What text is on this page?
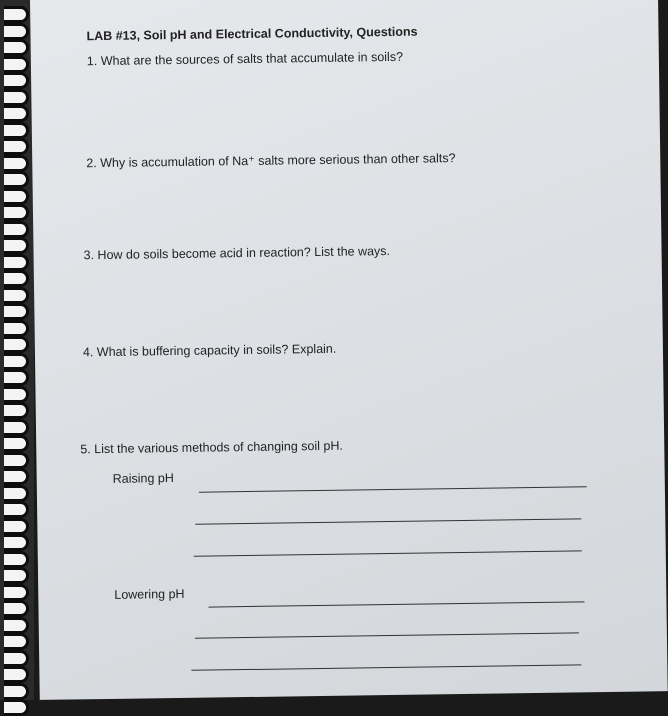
LAB #13, Soil pH and Electrical Conductivity, Questions
1. What are the sources of salts that accumulate in soils?
2. Why is accumulation of Na⁺ salts more serious than other salts?
3. How do soils become acid in reaction? List the ways.
4. What is buffering capacity in soils? Explain.
5. List the various methods of changing soil pH.
Raising pH
Lowering pH
